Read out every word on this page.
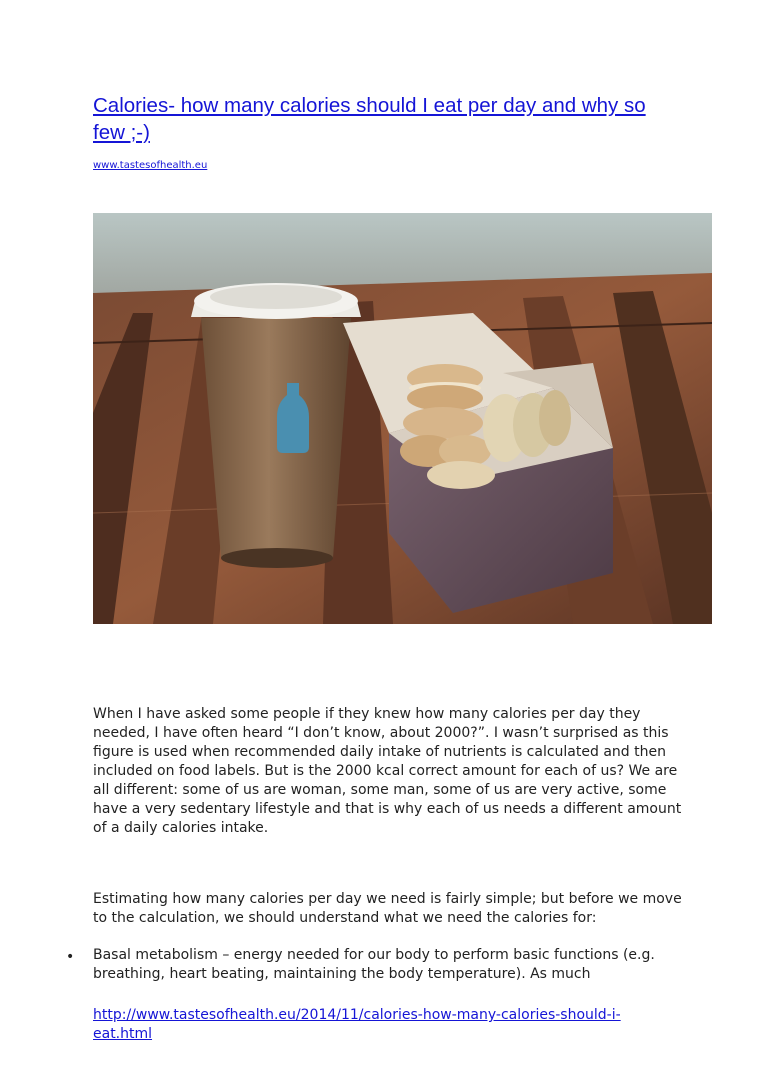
Calories- how many calories should I eat per day and why so few ;-)
www.tastesofhealth.eu

When I have asked some people if they knew how many calories per day they needed, I have often heard “I don’t know, about 2000?”. I wasn’t surprised as this figure is used when recommended daily intake of nutrients is calculated and then included on food labels. But is the 2000 kcal correct amount for each of us? We are all different: some of us are woman, some man, some of us are very active, some have a very sedentary lifestyle and that is why each of us needs a different amount of a daily calories intake.

Estimating how many calories per day we need is fairly simple; but before we move to the calculation, we should understand what we need the calories for:

• Basal metabolism – energy needed for our body to perform basic functions (e.g. breathing, heart beating, maintaining the body temperature). As much

http://www.tastesofhealth.eu/2014/11/calories-how-many-calories-should-i-eat.html
